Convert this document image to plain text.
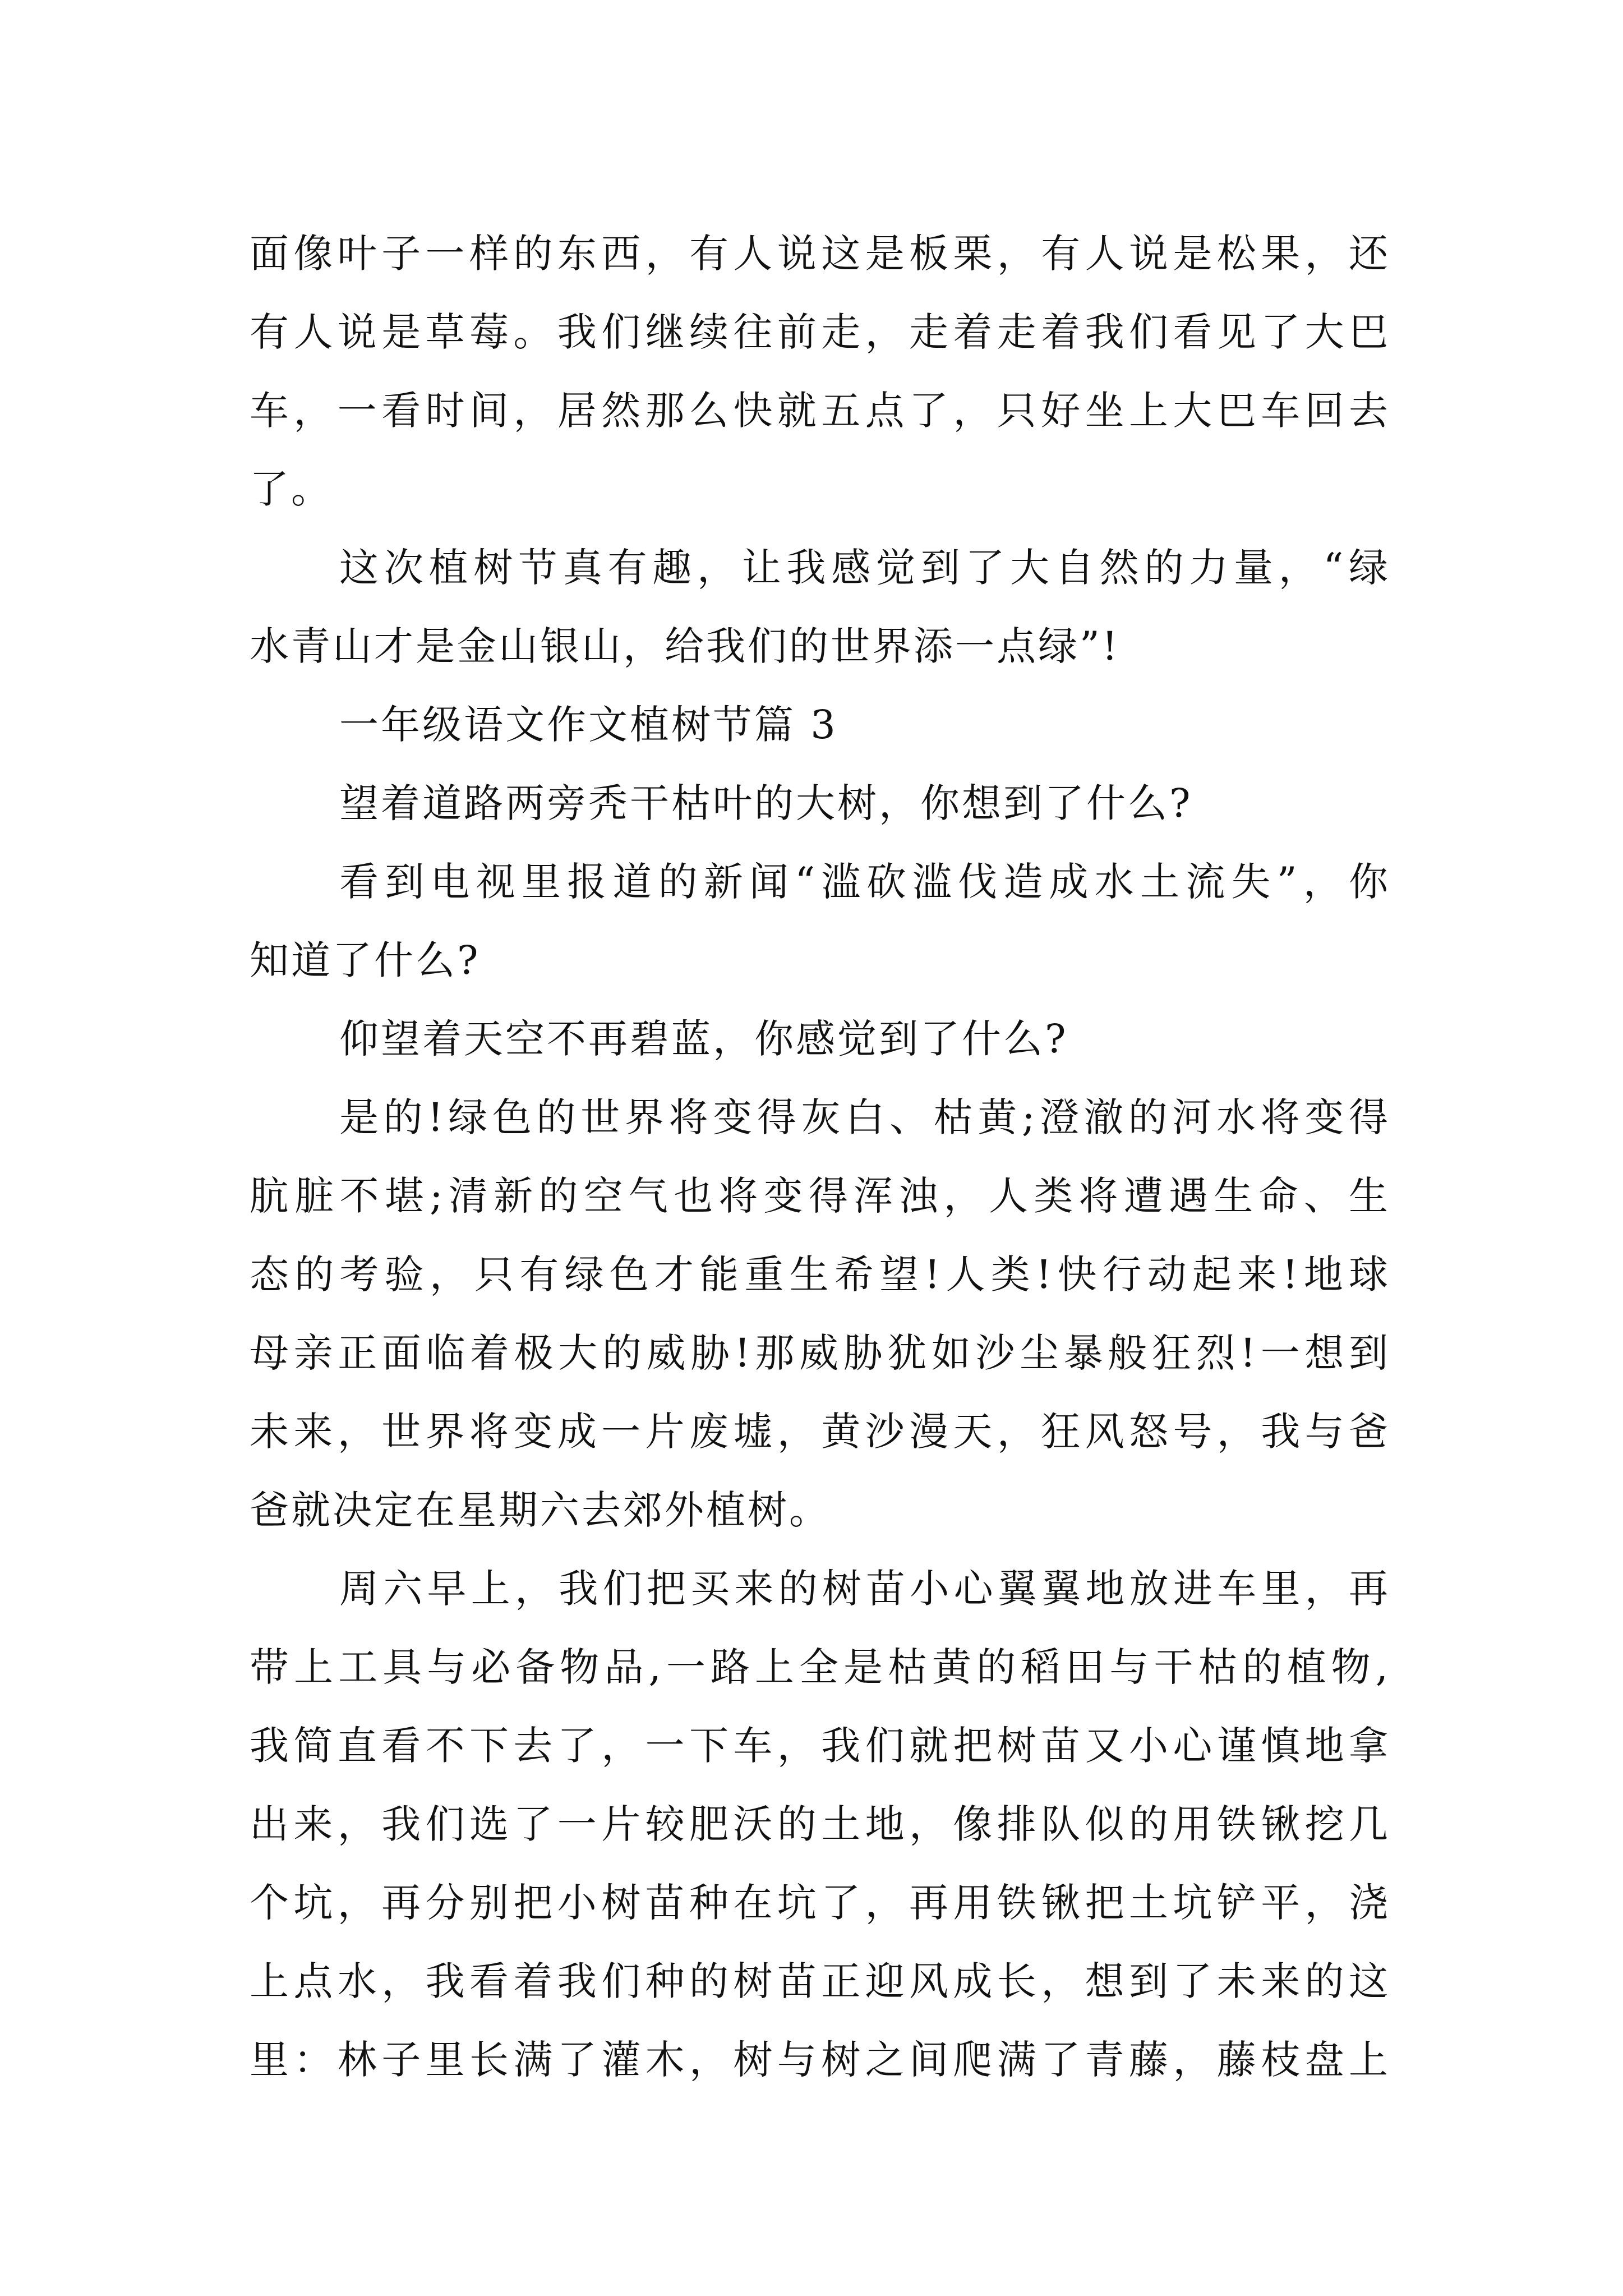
面像叶子一样的东西，有人说这是板栗，有人说是松果，还

有人说是草莓。我们继续往前走，走着走着我们看见了大巴

车，一看时间，居然那么快就五点了，只好坐上大巴车回去

了。

这次植树节真有趣，让我感觉到了大自然的力量，“绿

水青山才是金山银山，给我们的世界添一点绿”!

一年级语文作文植树节篇 3

望着道路两旁秃干枯叶的大树，你想到了什么?

看到电视里报道的新闻“滥砍滥伐造成水土流失”，你

知道了什么?

仰望着天空不再碧蓝，你感觉到了什么?

是的!绿色的世界将变得灰白、枯黄;澄澈的河水将变得

肮脏不堪;清新的空气也将变得浑浊，人类将遭遇生命、生

态的考验，只有绿色才能重生希望!人类!快行动起来!地球

母亲正面临着极大的威胁!那威胁犹如沙尘暴般狂烈!一想到

未来，世界将变成一片废墟，黄沙漫天，狂风怒号，我与爸

爸就决定在星期六去郊外植树。

周六早上，我们把买来的树苗小心翼翼地放进车里，再

带上工具与必备物品,一路上全是枯黄的稻田与干枯的植物,

我简直看不下去了，一下车，我们就把树苗又小心谨慎地拿

出来，我们选了一片较肥沃的土地，像排队似的用铁锹挖几

个坑，再分别把小树苗种在坑了，再用铁锹把土坑铲平，浇

上点水，我看着我们种的树苗正迎风成长，想到了未来的这

里：林子里长满了灌木，树与树之间爬满了青藤，藤枝盘上
